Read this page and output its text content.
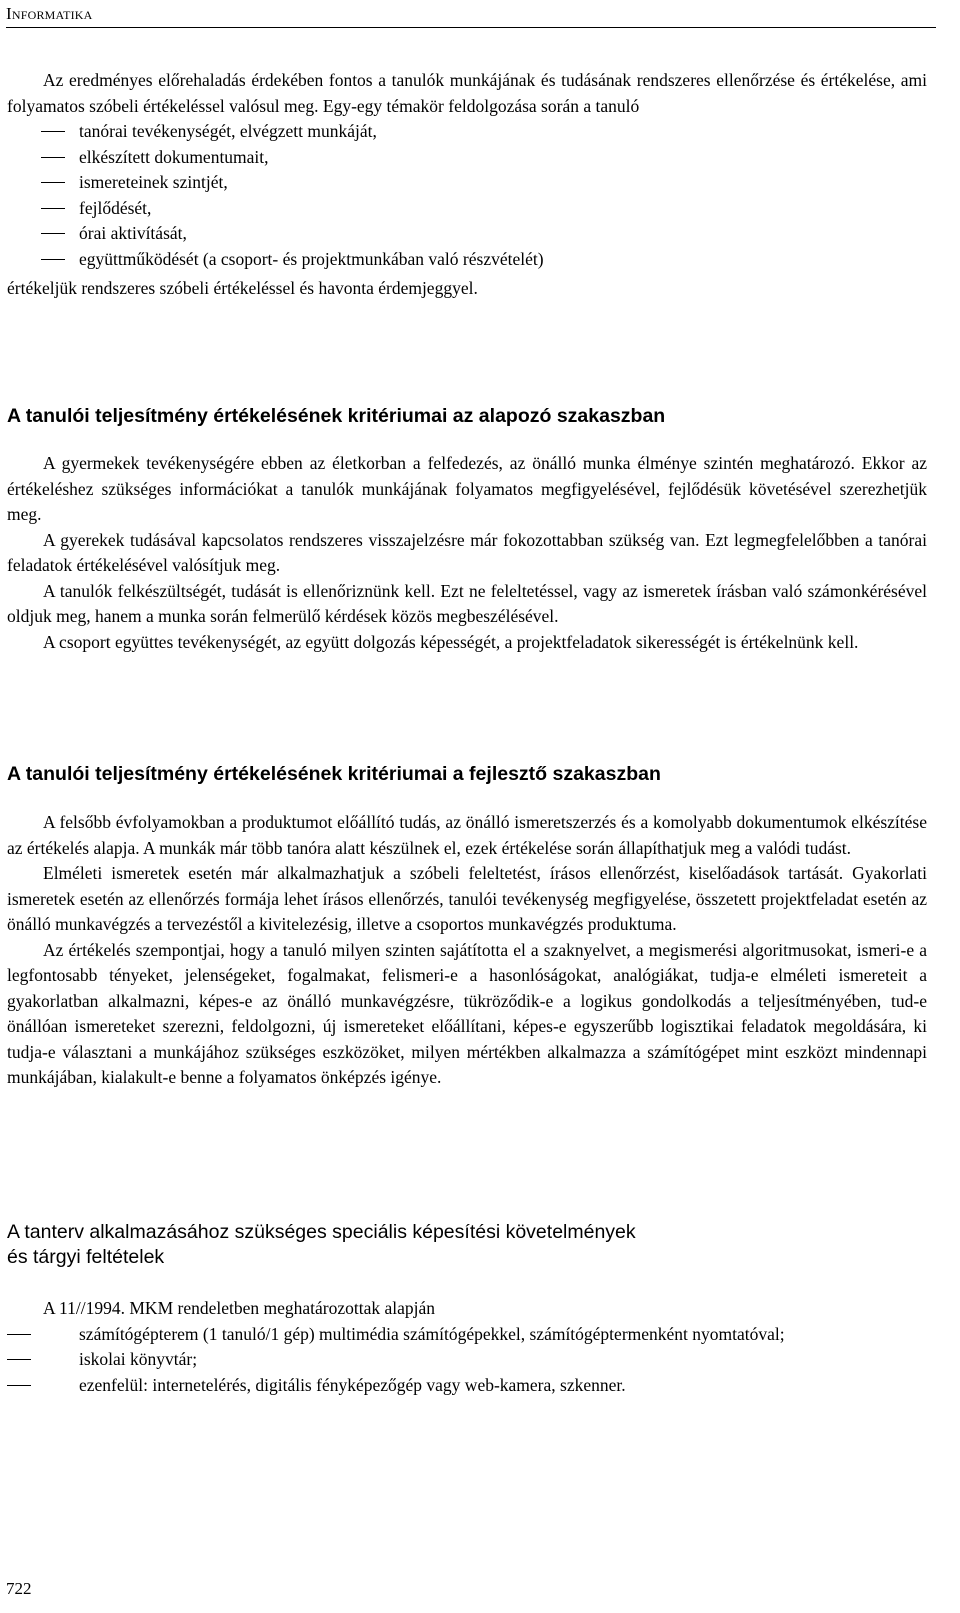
Informatika

Az eredményes előrehaladás érdekében fontos a tanulók munkájának és tudásának rendszeres ellenőrzése és értékelése, ami folyamatos szóbeli értékeléssel valósul meg. Egy-egy témakör feldolgozása során a tanuló

tanórai tevékenységét, elvégzett munkáját,
elkészített dokumentumait,
ismereteinek szintjét,
fejlődését,
órai aktivítását,
együttműködését (a csoport- és projektmunkában való részvételét)

értékeljük rendszeres szóbeli értékeléssel és havonta érdemjeggyel.

A tanulói teljesítmény értékelésének kritériumai az alapozó szakaszban

A gyermekek tevékenységére ebben az életkorban a felfedezés, az önálló munka élménye szintén meghatározó. Ekkor az értékeléshez szükséges információkat a tanulók munkájának folyamatos megfigyelésével, fejlődésük követésével szerezhetjük meg.

A gyerekek tudásával kapcsolatos rendszeres visszajelzésre már fokozottabban szükség van. Ezt legmegfelelőbben a tanórai feladatok értékelésével valósítjuk meg.

A tanulók felkészültségét, tudását is ellenőriznünk kell. Ezt ne feleltetéssel, vagy az ismeretek írásban való számonkérésével oldjuk meg, hanem a munka során felmerülő kérdések közös megbeszélésével.

A csoport együttes tevékenységét, az együtt dolgozás képességét, a projektfeladatok sikerességét is értékelnünk kell.

A tanulói teljesítmény értékelésének kritériumai a fejlesztő szakaszban

A felsőbb évfolyamokban a produktumot előállító tudás, az önálló ismeretszerzés és a komolyabb dokumentumok elkészítése az értékelés alapja. A munkák már több tanóra alatt készülnek el, ezek értékelése során állapíthatjuk meg a valódi tudást.

Elméleti ismeretek esetén már alkalmazhatjuk a szóbeli feleltetést, írásos ellenőrzést, kiselőadások tartását. Gyakorlati ismeretek esetén az ellenőrzés formája lehet írásos ellenőrzés, tanulói tevékenység megfigyelése, összetett projektfeladat esetén az önálló munkavégzés a tervezéstől a kivitelezésig, illetve a csoportos munkavégzés produktuma.

Az értékelés szempontjai, hogy a tanuló milyen szinten sajátította el a szaknyelvet, a megismerési algoritmusokat, ismeri-e a legfontosabb tényeket, jelenségeket, fogalmakat, felismeri-e a hasonlóságokat, analógiákat, tudja-e elméleti ismereteit a gyakorlatban alkalmazni, képes-e az önálló munkavégzésre, tükröződik-e a logikus gondolkodás a teljesítményében, tud-e önállóan ismereteket szerezni, feldolgozni, új ismereteket előállítani, képes-e egyszerűbb logisztikai feladatok megoldására, ki tudja-e választani a munkájához szükséges eszközöket, milyen mértékben alkalmazza a számítógépet mint eszközt mindennapi munkájában, kialakult-e benne a folyamatos önképzés igénye.

A tanterv alkalmazásához szükséges speciális képesítési követelmények
és tárgyi feltételek

A 11//1994. MKM rendeletben meghatározottak alapján

számítógépterem (1 tanuló/1 gép) multimédia számítógépekkel, számítógéptermenként nyomtatóval;
iskolai könyvtár;
ezenfelül: internetelérés, digitális fényképezőgép vagy web-kamera, szkenner.
722
